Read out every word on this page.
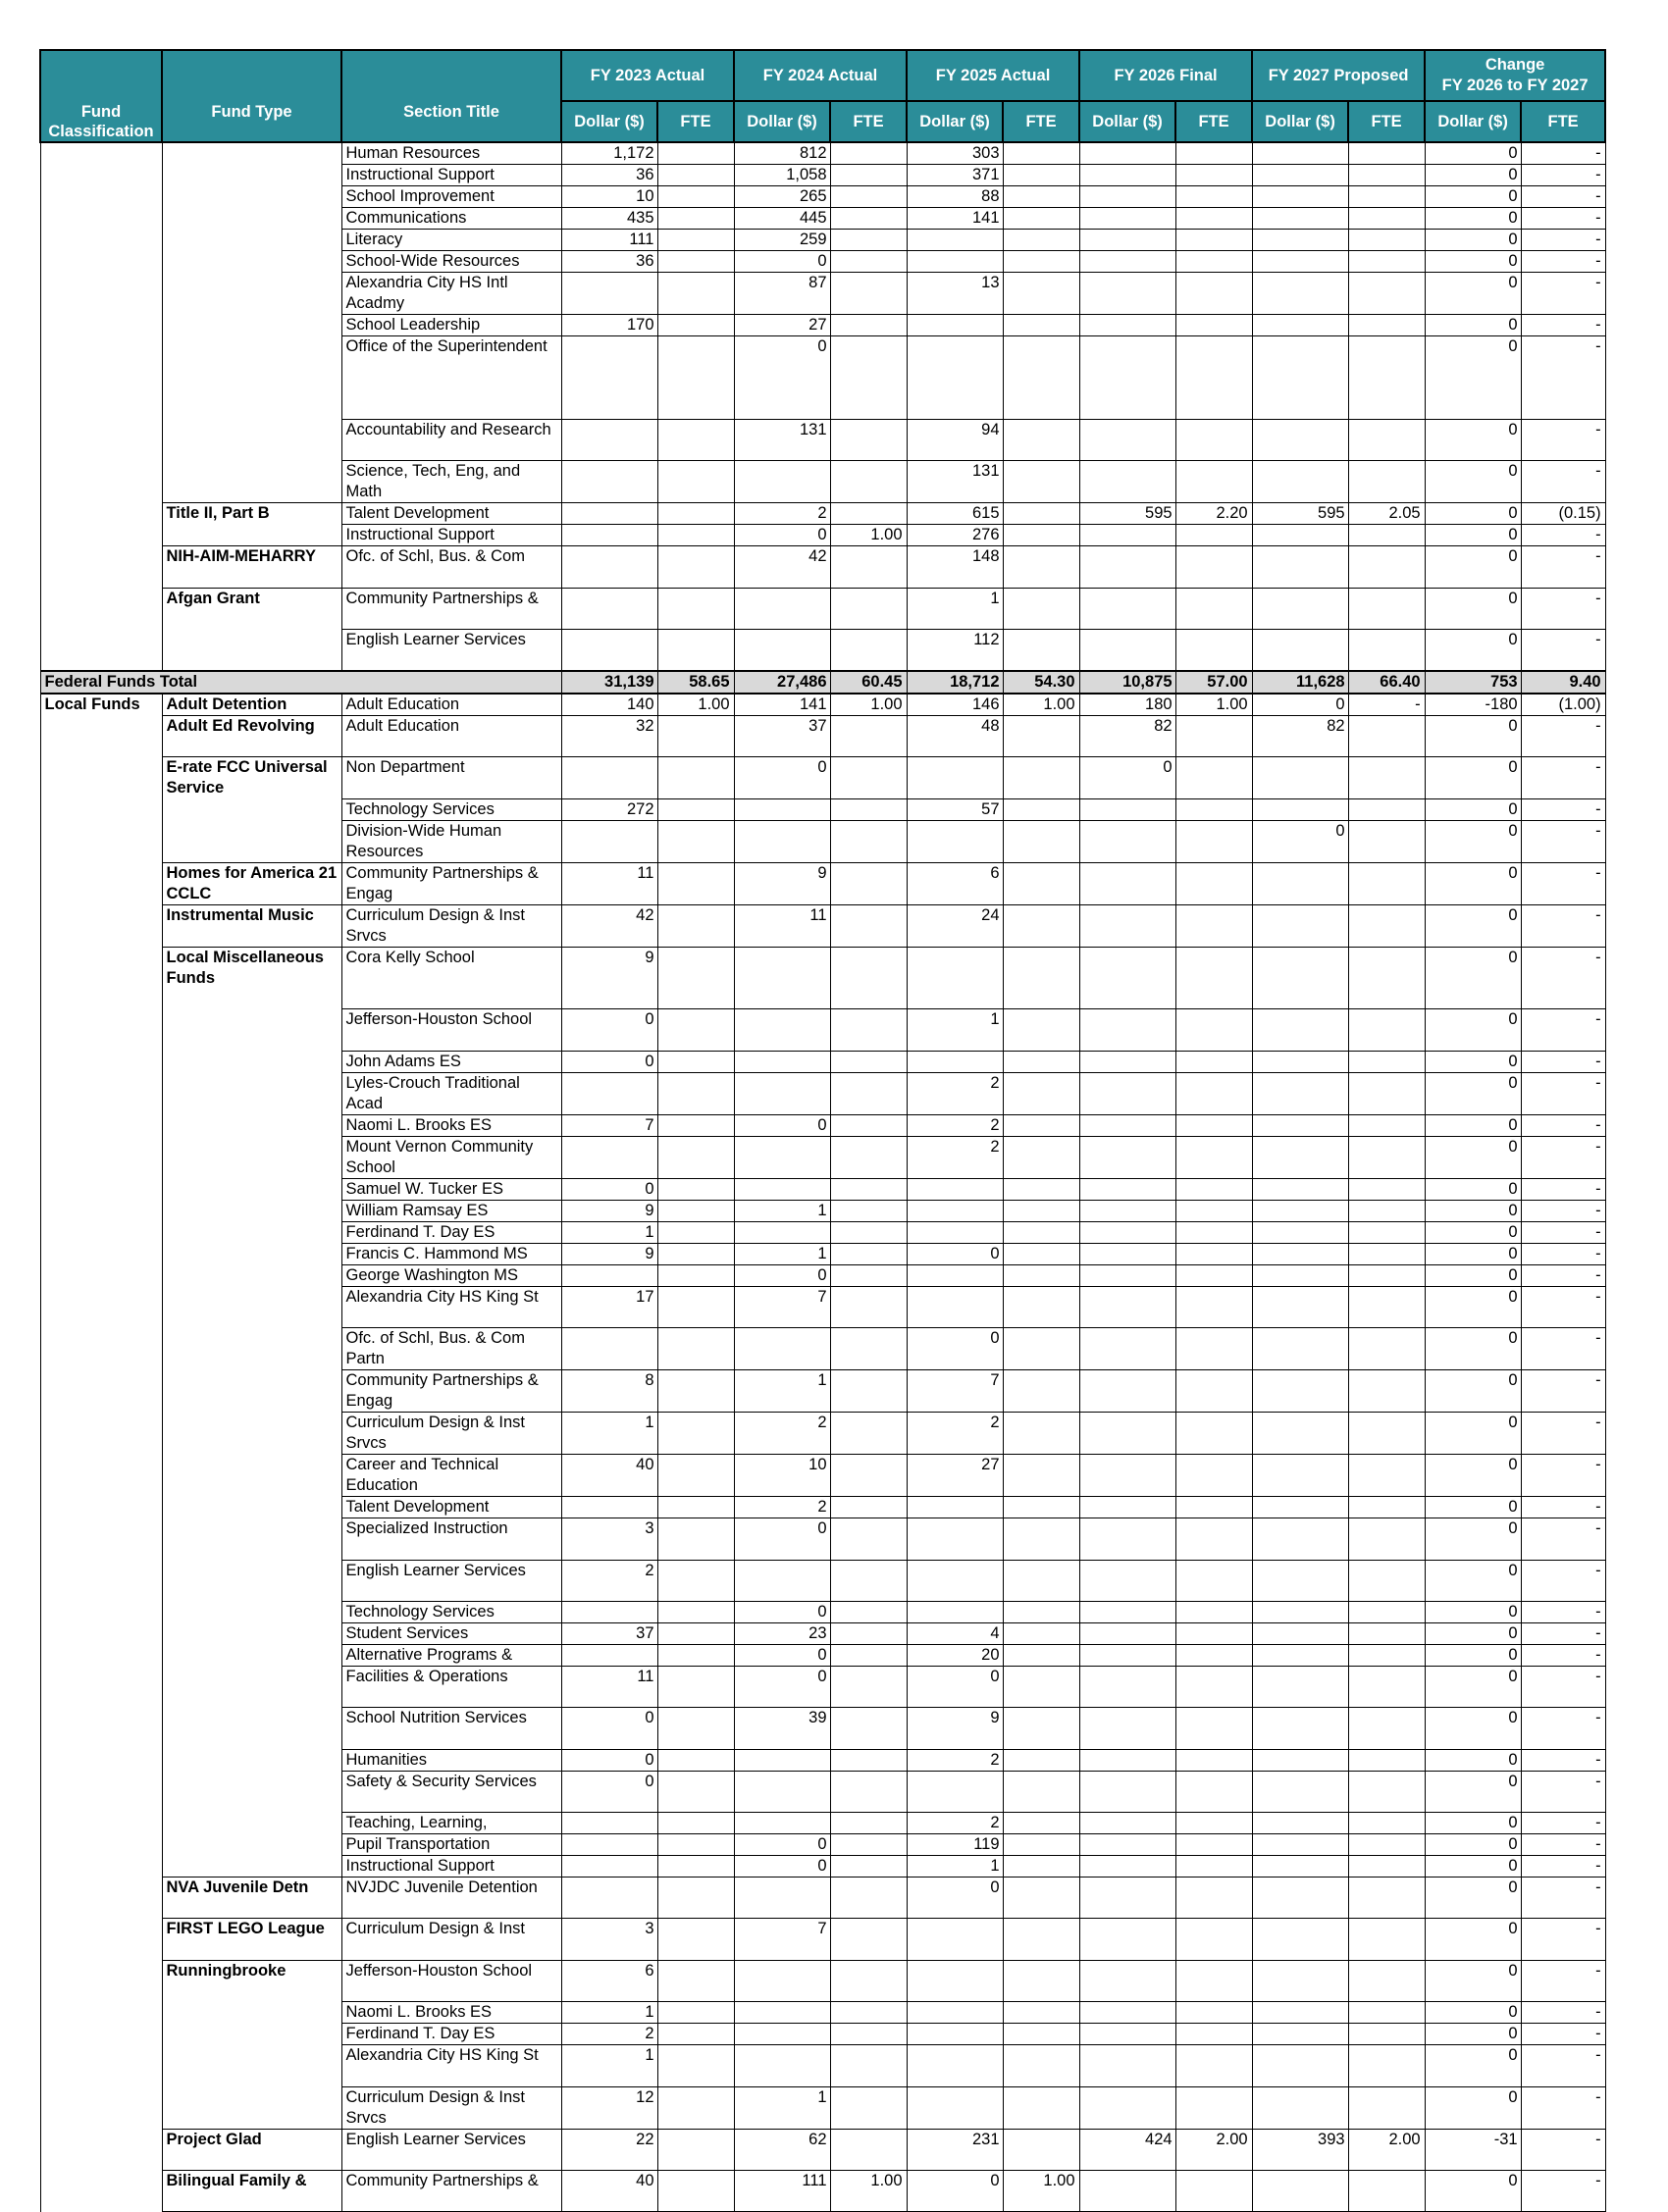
Fund Classification	Fund Type	Section Title	FY 2023 Actual		FY 2024 Actual		FY 2025 Actual		FY 2026 Final		FY 2027 Proposed		Change
FY 2026 to FY 2027	

			Dollar ($)	FTE	Dollar ($)	FTE	Dollar ($)	FTE	Dollar ($)	FTE	Dollar ($)	FTE	Dollar ($)	FTE
		Human Resources	1,172		812		303						0	-
		Instructional Support	36		1,058		371						0	-
		School Improvement	10		265		88						0	-
		Communications	435		445		141						0	-
		Literacy	111		259								0	-
		School-Wide Resources	36		0								0	-
		Alexandria City HS Intl Acadmy			87		13						0	-
		School Leadership	170		27								0	-
		Office of the Superintendent			0								0	-
		Accountability and Research			131		94						0	-
		Science, Tech, Eng, and Math					131						0	-
	Title II, Part B	Talent Development			2		615		595	2.20	595	2.05	0	(0.15)
		Instructional Support			0	1.00	276						0	-
	NIH-AIM-MEHARRY	Ofc. of Schl, Bus. & Com			42		148						0	-
	Afgan Grant	Community Partnerships &					1						0	-
		English Learner Services					112						0	-
Federal Funds Total			31,139	58.65	27,486	60.45	18,712	54.30	10,875	57.00	11,628	66.40	753	9.40
Local Funds	Adult Detention	Adult Education	140	1.00	141	1.00	146	1.00	180	1.00	0	-	-180	(1.00)
	Adult Ed Revolving	Adult Education	32		37		48		82		82		0	-
	E-rate FCC Universal Service	Non Department			0				0				0	-
		Technology Services	272				57						0	-
		Division-Wide Human Resources									0		0	-
	Homes for America 21 CCLC	Community Partnerships & Engag	11		9		6						0	-
	Instrumental Music	Curriculum Design & Inst Srvcs	42		11		24						0	-
	Local Miscellaneous Funds	Cora Kelly School	9										0	-
		Jefferson-Houston School	0				1						0	-
		John Adams ES	0										0	-
		Lyles-Crouch Traditional Acad					2						0	-
		Naomi L. Brooks ES	7		0		2						0	-
		Mount Vernon Community School					2						0	-
		Samuel W. Tucker ES	0										0	-
		William Ramsay ES	9		1								0	-
		Ferdinand T. Day ES	1										0	-
		Francis C. Hammond MS	9		1		0						0	-
		George Washington MS			0								0	-
		Alexandria City HS King St	17		7								0	-
		Ofc. of Schl, Bus. & Com Partn					0						0	-
		Community Partnerships & Engag	8		1		7						0	-
		Curriculum Design & Inst Srvcs	1		2		2						0	-
		Career and Technical Education	40		10		27						0	-
		Talent Development			2								0	-
		Specialized Instruction	3		0								0	-
		English Learner Services	2										0	-
		Technology Services			0								0	-
		Student Services	37		23		4						0	-
		Alternative Programs &			0		20						0	-
		Facilities & Operations	11		0		0						0	-
		School Nutrition Services	0		39		9						0	-
		Humanities	0				2						0	-
		Safety & Security Services	0										0	-
		Teaching, Learning,					2						0	-
		Pupil Transportation			0		119						0	-
		Instructional Support			0		1						0	-
	NVA Juvenile Detn	NVJDC Juvenile Detention					0						0	-
	FIRST LEGO League	Curriculum Design & Inst	3		7								0	-
	Runningbrooke	Jefferson-Houston School	6										0	-
		Naomi L. Brooks ES	1										0	-
		Ferdinand T. Day ES	2										0	-
		Alexandria City HS King St	1										0	-
		Curriculum Design & Inst Srvcs	12		1								0	-
	Project Glad	English Learner Services	22		62		231		424	2.00	393	2.00	-31	-
	Bilingual Family &	Community Partnerships &	40		111	1.00	0	1.00					0	-
